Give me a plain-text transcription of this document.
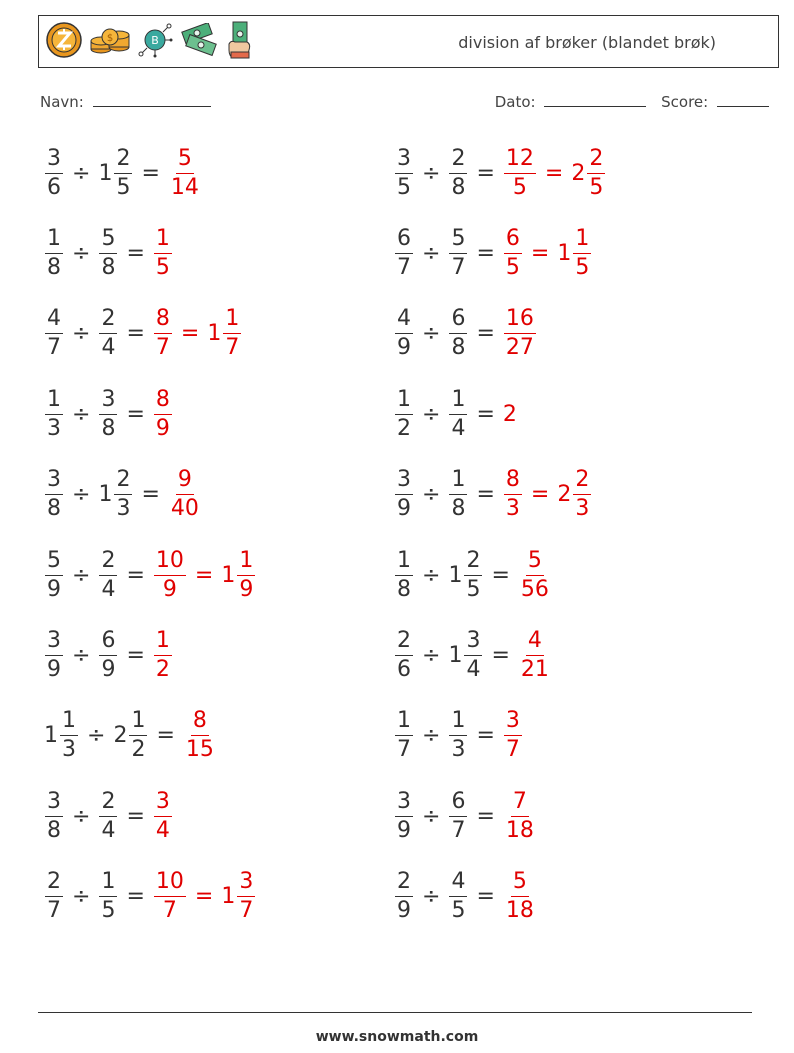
$	B	division af brøker (blandet brøk)
Navn:	Dato:	Score:
$\frac{3}{6} \div 1 \frac{2}{5} = \frac{5}{14}$	$\frac{3}{5} \div \frac{2}{8} = \frac{12}{5} = 2 \frac{2}{5}$
$\frac{1}{8} \div \frac{5}{8} = \frac{1}{5}$	$\frac{6}{7} \div \frac{5}{7} = \frac{6}{5} = 1 \frac{1}{5}$
$\frac{4}{7} \div \frac{2}{4} = \frac{8}{7} = 1 \frac{1}{7}$	$\frac{4}{9} \div \frac{6}{8} = \frac{16}{27}$
$\frac{1}{3} \div \frac{3}{8} = \frac{8}{9}$	$\frac{1}{2} \div \frac{1}{4} = 2$
$\frac{3}{8} \div 1 \frac{2}{3} = \frac{9}{40}$	$\frac{3}{9} \div \frac{1}{8} = \frac{8}{3} = 2 \frac{2}{3}$
$\frac{5}{9} \div \frac{2}{4} = \frac{10}{9} = 1 \frac{1}{9}$	$\frac{1}{8} \div 1 \frac{2}{5} = \frac{5}{56}$
$\frac{3}{9} \div \frac{6}{9} = \frac{1}{2}$	$\frac{2}{6} \div 1 \frac{3}{4} = \frac{4}{21}$
$1 \frac{1}{3} \div 2 \frac{1}{2} = \frac{8}{15}$	$\frac{1}{7} \div \frac{1}{3} = \frac{3}{7}$
$\frac{3}{8} \div \frac{2}{4} = \frac{3}{4}$	$\frac{3}{9} \div \frac{6}{7} = \frac{7}{18}$
$\frac{2}{7} \div \frac{1}{5} = \frac{10}{7} = 1 \frac{3}{7}$	$\frac{2}{9} \div \frac{4}{5} = \frac{5}{18}$
www.snowmath.com
